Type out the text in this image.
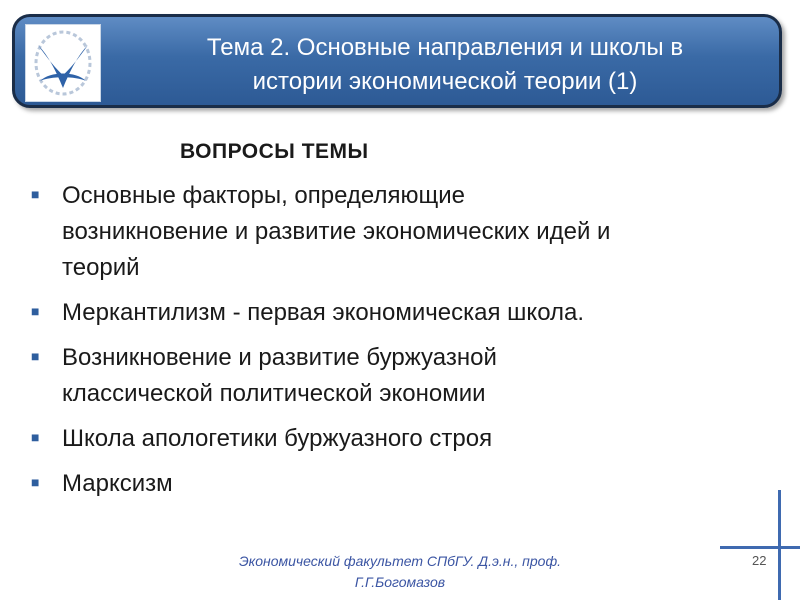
Тема 2. Основные направления и школы в
истории экономической теории (1)
ВОПРОСЫ ТЕМЫ
■ Основные факторы, определяющие
возникновение и развитие экономических идей и
теорий
■ Меркантилизм - первая экономическая школа.
■ Возникновение и развитие буржуазной
классической политической экономии
■ Школа апологетики буржуазного строя
■ Марксизм
Экономический факультет СПбГУ. Д.э.н., проф.
Г.Г.Богомазов
22
